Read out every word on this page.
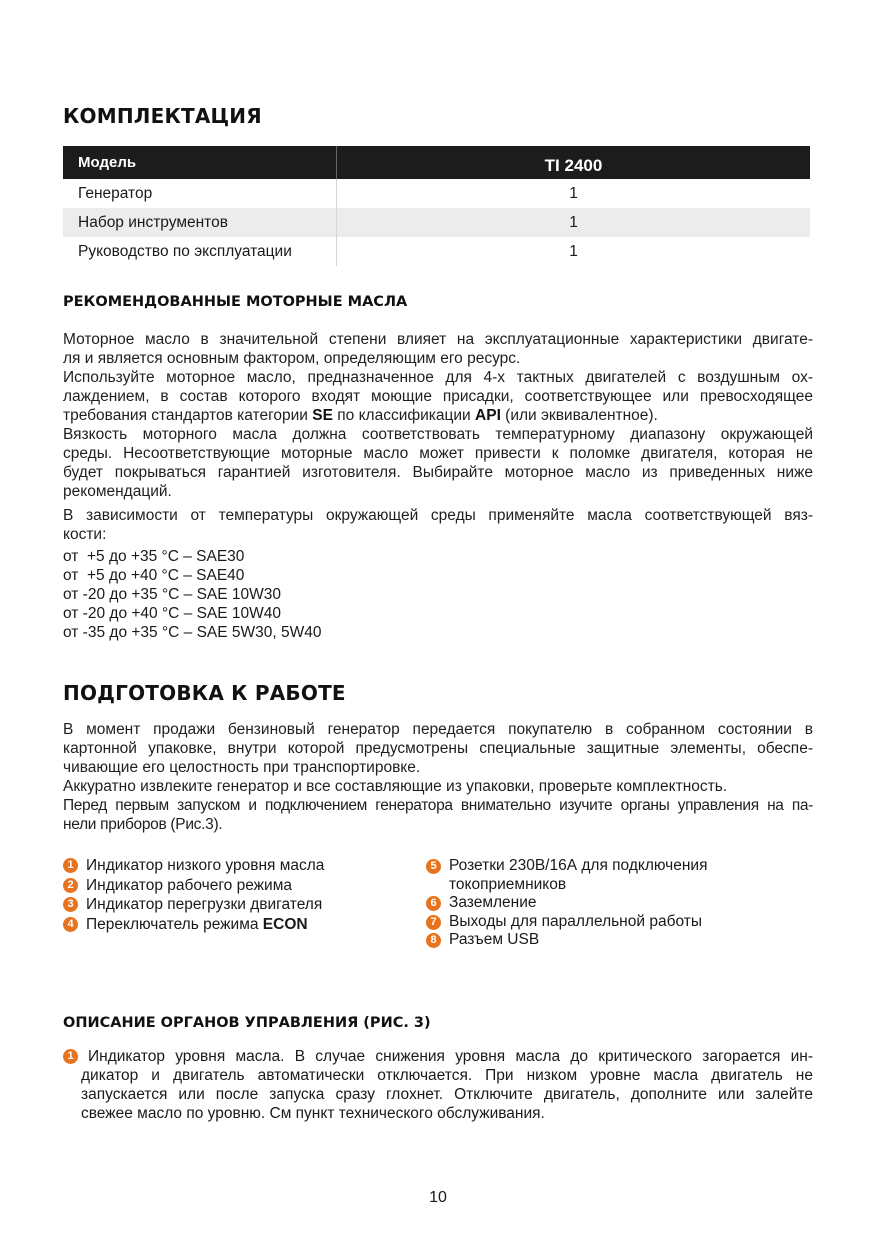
КОМПЛЕКТАЦИЯ
Модель	TI 2400
Генератор	1
Набор инструментов	1
Руководство по эксплуатации	1
РЕКОМЕНДОВАННЫЕ МОТОРНЫЕ МАСЛА
Моторное масло в значительной степени влияет на эксплуатационные характеристики двигате-
ля и является основным фактором, определяющим его ресурс.
Используйте моторное масло, предназначенное для 4-х тактных двигателей с воздушным ох-
лаждением, в состав которого входят моющие присадки, соответствующее или превосходящее
требования стандартов категории SE по классификации API (или эквивалентное).
Вязкость моторного масла должна соответствовать температурному диапазону окружающей
среды. Несоответствующие моторные масло может привести к поломке двигателя, которая не
будет покрываться гарантией изготовителя. Выбирайте моторное масло из приведенных ниже
рекомендаций.
В зависимости от температуры окружающей среды применяйте масла соответствующей вяз-
кости:
от  +5 до +35 °С – SAE30
от  +5 до +40 °С – SAE40
от -20 до +35 °С – SAE 10W30
от -20 до +40 °С – SAE 10W40
от -35 до +35 °С – SAE 5W30, 5W40
ПОДГОТОВКА К РАБОТЕ
В момент продажи бензиновый генератор передается покупателю в собранном состоянии в
картонной упаковке, внутри которой предусмотрены специальные защитные элементы, обеспе-
чивающие его целостность при транспортировке.
Аккуратно извлеките генератор и все составляющие из упаковки, проверьте комплектность.
Перед первым запуском и подключением генератора внимательно изучите органы управления на па-
нели приборов (Рис.3).
1 Индикатор низкого уровня масла
2 Индикатор рабочего режима
3 Индикатор перегрузки двигателя
4 Переключатель режима ECON
5 Розетки 230В/16А для подключения
токоприемников
6 Заземление
7 Выходы для параллельной работы
8 Разъем USB
ОПИСАНИЕ ОРГАНОВ УПРАВЛЕНИЯ (РИС. 3)
1 Индикатор уровня масла. В случае снижения уровня масла до критического загорается ин-
дикатор и двигатель автоматически отключается. При низком уровне масла двигатель не
запускается или после запуска сразу глохнет. Отключите двигатель, дополните или залейте
свежее масло по уровню. См пункт технического обслуживания.
10
